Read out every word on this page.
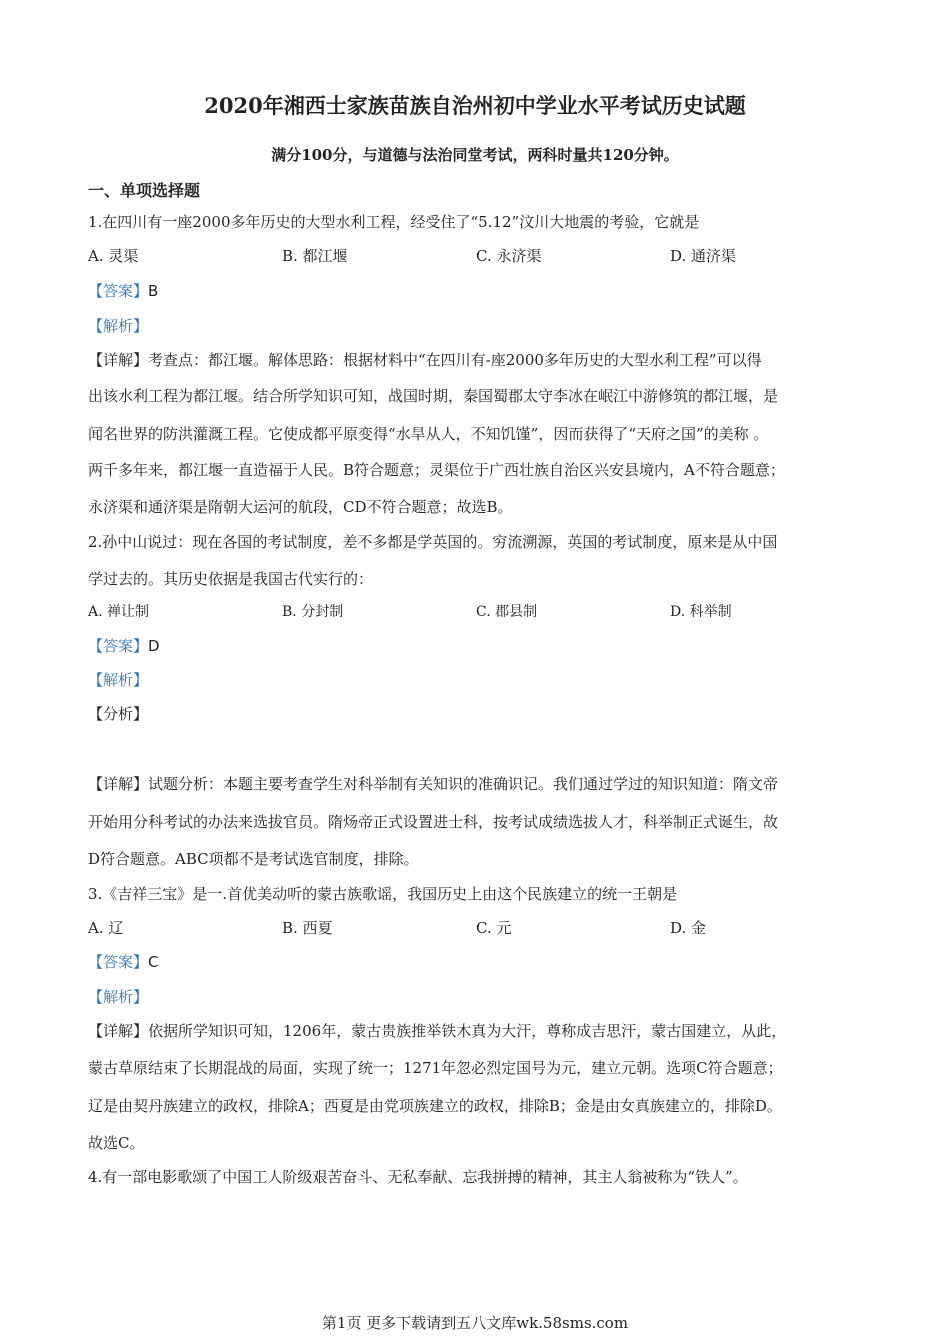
2020年湘西士家族苗族自治州初中学业水平考试历史试题
满分100分，与道德与法治同堂考试，两科时量共120分钟。
一、单项选择题
1.在四川有一座2000多年历史的大型水利工程，经受住了“5.12”汶川大地震的考验，它就是
A. 灵渠	B. 都江堰	C. 永济渠	D. 通济渠
【答案】B
【解析】
【详解】考查点：都江堰。解体思路：根据材料中“在四川有-座2000多年历史的大型水利工程”可以得
出该水利工程为都江堰。结合所学知识可知，战国时期，秦国蜀郡太守李冰在岷江中游修筑的都江堰，是
闻名世界的防洪灌溉工程。它使成都平原变得“水旱从人，不知饥馑”，因而获得了“天府之国”的美称 。
两千多年来，都江堰一直造福于人民。B符合题意；灵渠位于广西壮族自治区兴安县境内，A不符合题意；
永济渠和通济渠是隋朝大运河的航段，CD不符合题意；故选B。
2.孙中山说过：现在各国的考试制度，差不多都是学英国的。穷流溯源，英国的考试制度，原来是从中国
学过去的。其历史依据是我国古代实行的：
A. 禅让制	B. 分封制	C. 郡县制	D. 科举制
【答案】D
【解析】
【分析】
【详解】试题分析：本题主要考查学生对科举制有关知识的准确识记。我们通过学过的知识知道：隋文帝
开始用分科考试的办法来选拔官员。隋炀帝正式设置进士科，按考试成绩选拔人才，科举制正式诞生，故
D符合题意。ABC项都不是考试选官制度，排除。
3.《吉祥三宝》是一.首优美动听的蒙古族歌谣，我国历史上由这个民族建立的统一王朝是
A. 辽	B. 西夏	C. 元	D. 金
【答案】C
【解析】
【详解】依据所学知识可知，1206年，蒙古贵族推举铁木真为大汗，尊称成吉思汗，蒙古国建立，从此，
蒙古草原结束了长期混战的局面，实现了统一；1271年忽必烈定国号为元，建立元朝。选项C符合题意；
辽是由契丹族建立的政权，排除A；西夏是由党项族建立的政权，排除B；金是由女真族建立的，排除D。
故选C。
4.有一部电影歌颂了中国工人阶级艰苦奋斗、无私奉献、忘我拼搏的精神，其主人翁被称为“铁人”。
第1页 更多下载请到五八文库wk.58sms.com
